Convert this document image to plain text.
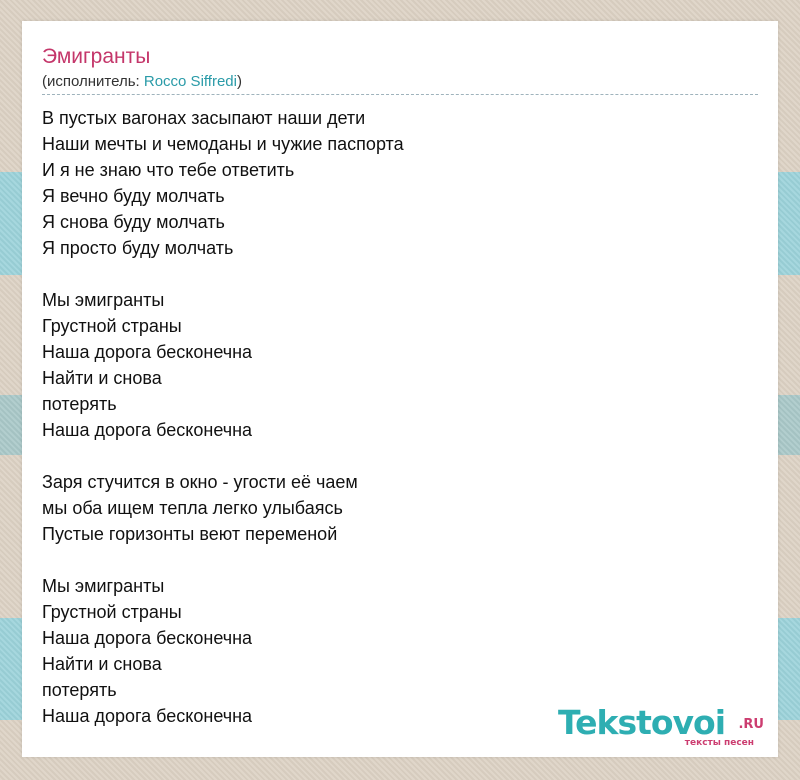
Эмигранты
(исполнитель: Rocco Siffredi)
В пустых вагонах засыпают наши дети
Наши мечты и чемоданы и чужие паспорта
И я не знаю что тебе ответить
Я вечно буду молчать
Я снова буду молчать
Я просто буду молчать
Мы эмигранты
Грустной страны
Наша дорога бесконечна
Найти и снова
потерять
Наша дорога бесконечна
Заря стучится в окно - угости её чаем
мы оба ищем тепла легко улыбаясь
Пустые горизонты веют переменой
Мы эмигранты
Грустной страны
Наша дорога бесконечна
Найти и снова
потерять
Наша дорога бесконечна	Tekstovoi .RU
тексты песен
